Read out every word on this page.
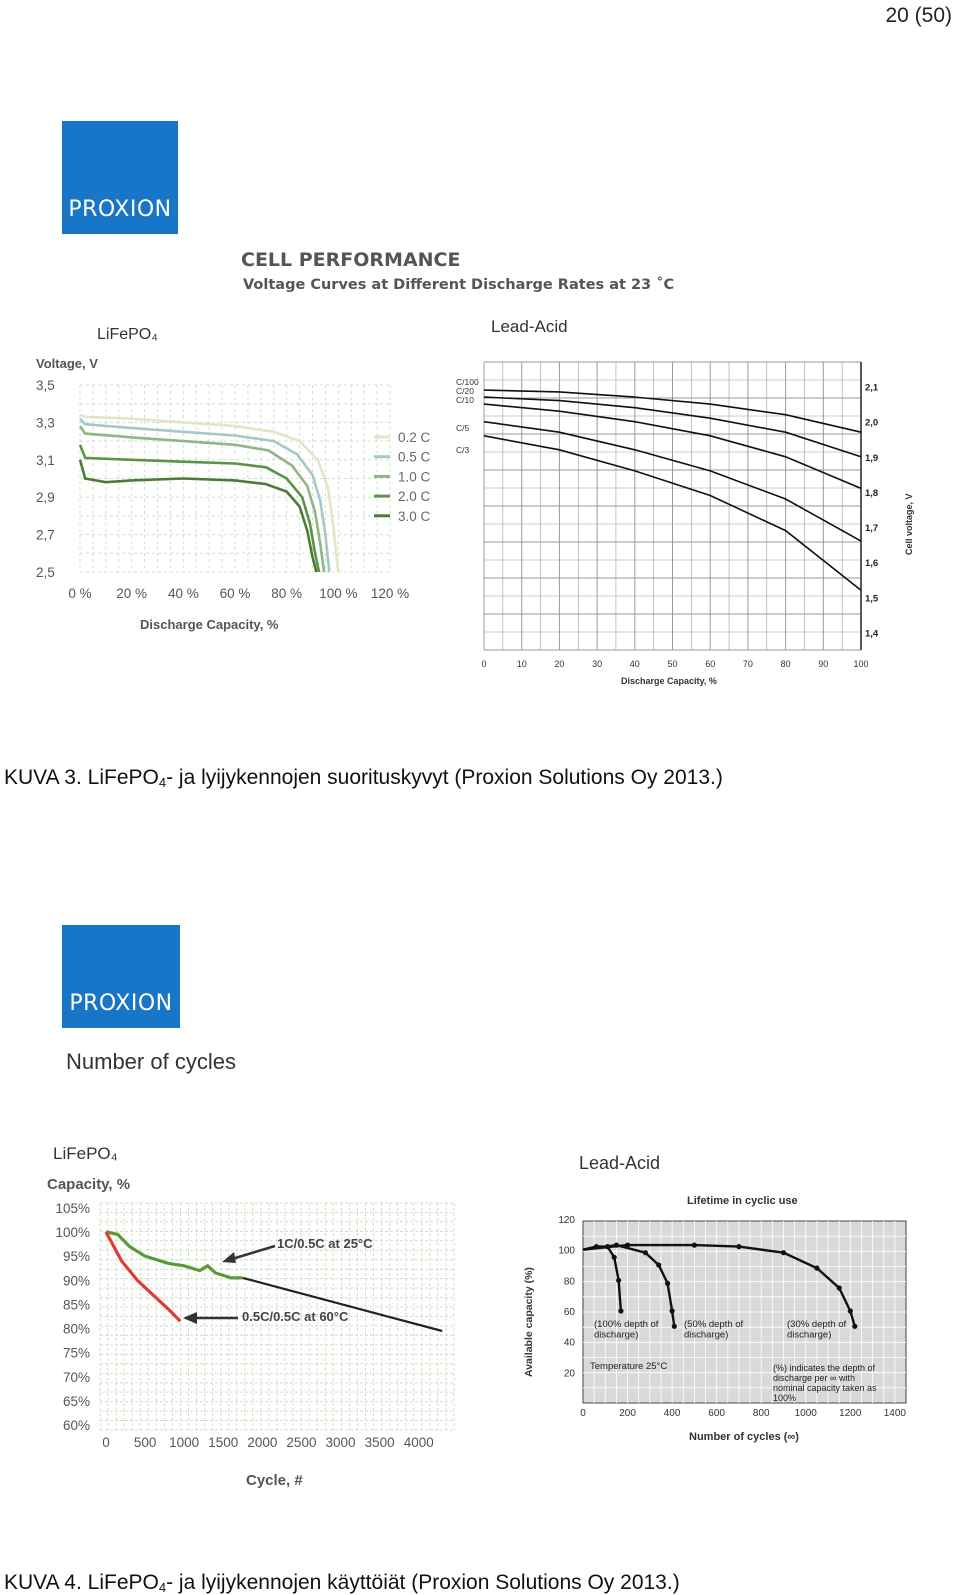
20 (50)
PROXION
CELL PERFORMANCE
Voltage Curves at Different Discharge Rates at 23 ˚C
LiFePO₄
Voltage, V
Discharge Capacity, %
3,5
3,3
3,1
2,9
2,7
2,5
0 % 20 % 40 % 60 % 80 % 100 % 120 %
0.2 C
0.5 C
1.0 C
2.0 C
3.0 C
Lead-Acid
C/100
C/20
C/10
C/5
C/3
2,1
2,0
1,9
1,8
1,7
1,6
1,5
1,4
0	10	20	30	40	50	60	70	80	90	100
Discharge Capacity, %
Cell voltage, V
KUVA 3. LiFePO$_4$- ja lyijykennojen suorituskyvyt (Proxion Solutions Oy 2013.)
PROXION
Number of cycles
LiFePO₄
Capacity, %
105%
100%
95%
90%
85%
80%
75%
70%
65%
60%
0 500 1000 1500 2000 2500 3000 3500 4000
1C/0.5C at 25°C
0.5C/0.5C at 60°C
Cycle, #
Lead-Acid
Lifetime in cyclic use
120
100
80
60
40
20
0	200	400	600	800	1000 1200 1400
(100% depth of
discharge)
(50% depth of
discharge)
(30% depth of
discharge)
Temperature 25°C	(%) indicates the depth of
discharge per ∞ with
nominal capacity taken as
100%
Number of cycles (∞)
Available capacity (%)
KUVA 4. LiFePO$_4$- ja lyijykennojen käyttöiät (Proxion Solutions Oy 2013.)
